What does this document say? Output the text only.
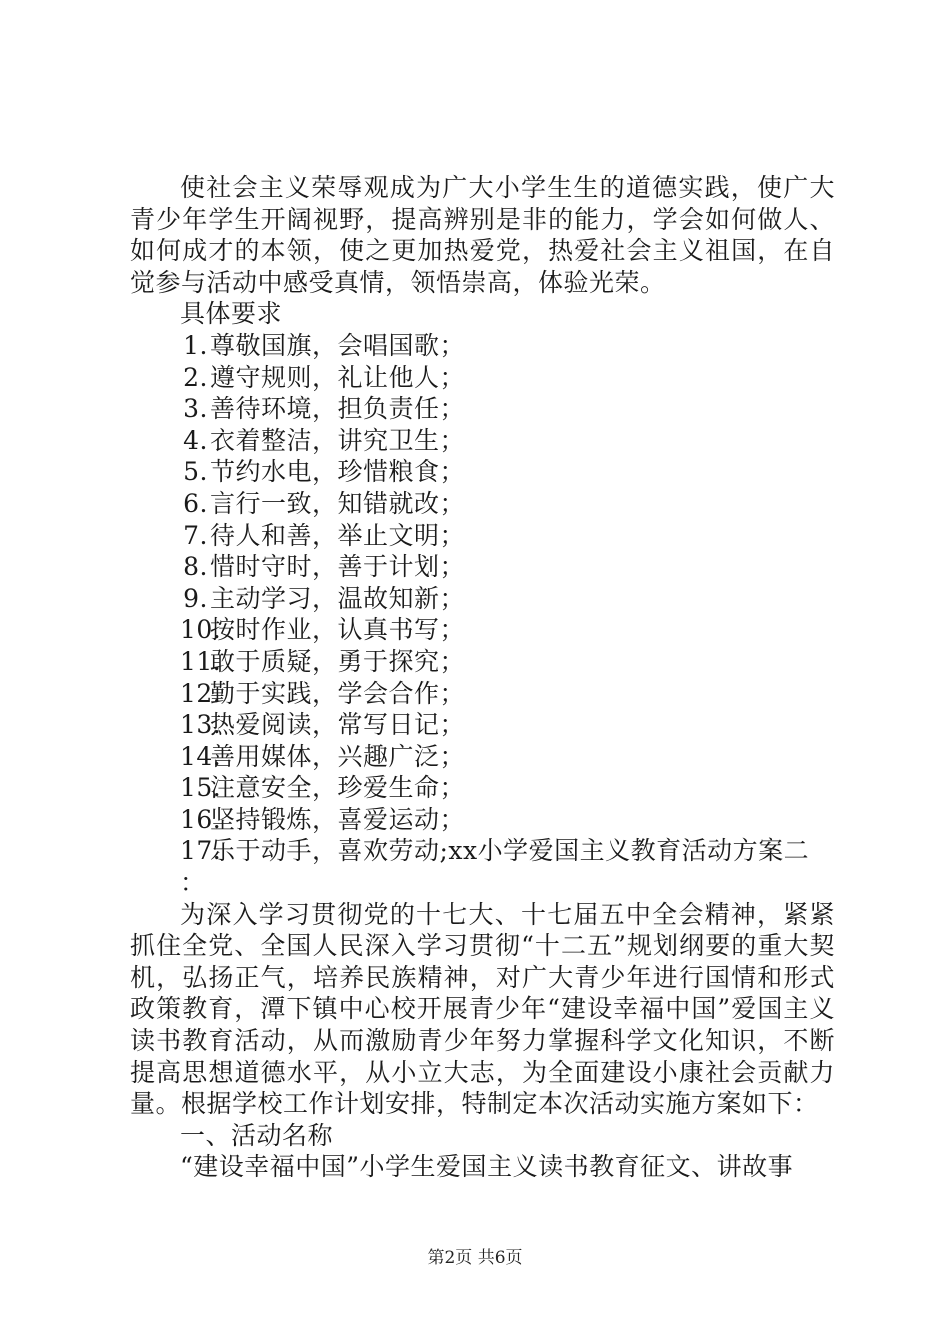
使社会主义荣辱观成为广大小学生生的道德实践，使广大青少年学生开阔视野，提高辨别是非的能力，学会如何做人、如何成才的本领，使之更加热爱党，热爱社会主义祖国，在自觉参与活动中感受真情，领悟崇高，体验光荣。

具体要求

1.尊敬国旗，会唱国歌；
2.遵守规则，礼让他人；
3.善待环境，担负责任；
4.衣着整洁，讲究卫生；
5.节约水电，珍惜粮食；
6.言行一致，知错就改；
7.待人和善，举止文明；
8.惜时守时，善于计划；
9.主动学习，温故知新；
10.按时作业，认真书写；
11.敢于质疑，勇于探究；
12.勤于实践，学会合作；
13.热爱阅读，常写日记；
14.善用媒体，兴趣广泛；
15.注意安全，珍爱生命；
16.坚持锻炼，喜爱运动；
17.乐于动手，喜欢劳动;xx小学爱国主义教育活动方案二

：

为深入学习贯彻党的十七大、十七届五中全会精神，紧紧抓住全党、全国人民深入学习贯彻“十二五”规划纲要的重大契机，弘扬正气，培养民族精神，对广大青少年进行国情和形式政策教育，潭下镇中心校开展青少年“建设幸福中国”爱国主义读书教育活动，从而激励青少年努力掌握科学文化知识，不断提高思想道德水平，从小立大志，为全面建设小康社会贡献力量。根据学校工作计划安排，特制定本次活动实施方案如下：

一、活动名称

“建设幸福中国”小学生爱国主义读书教育征文、讲故事

第2页 共6页
